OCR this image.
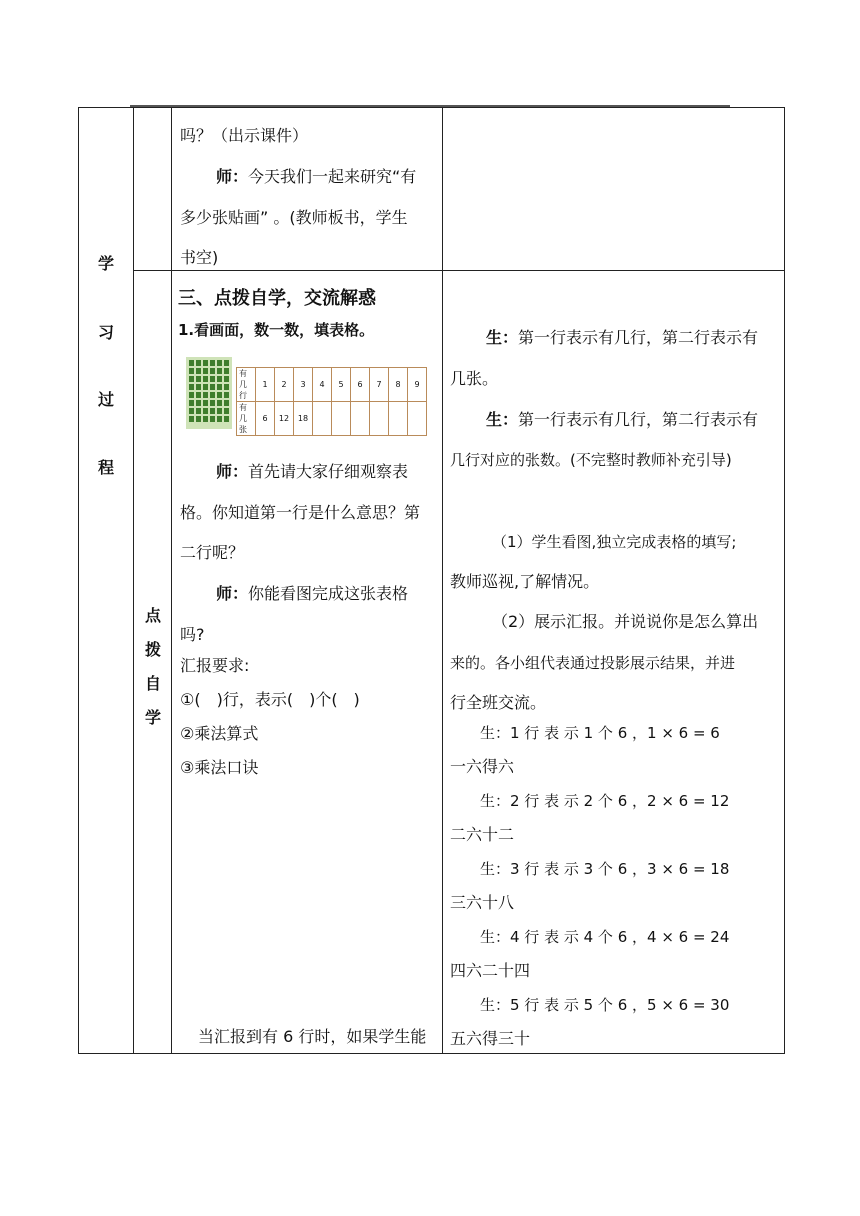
学
习
过
程
点
拨
自
学
吗？（出示课件）
师：今天我们一起来研究“有
多少张贴画” 。(教师板书，学生
书空)
三、点拨自学，交流解惑
1.看画面，数一数，填表格。
有几行	1	2	3	4	5	6	7	8	9
有几张	6	12	18						
师：首先请大家仔细观察表
格。你知道第一行是什么意思？第
二行呢？
师：你能看图完成这张表格
吗?
汇报要求:
①(　)行，表示(　)个(　)
②乘法算式
③乘法口诀
当汇报到有 6 行时，如果学生能
生：第一行表示有几行，第二行表示有
几张。
生：第一行表示有几行，第二行表示有
几行对应的张数。(不完整时教师补充引导)
（1）学生看图,独立完成表格的填写;
教师巡视,了解情况。
（2）展示汇报。并说说你是怎么算出
来的。各小组代表通过投影展示结果，并进
行全班交流。
生：1 行 表 示 1 个 6 ，1 × 6 = 6
一六得六
生：2 行 表 示 2 个 6 ，2 × 6 = 12
二六十二
生：3 行 表 示 3 个 6 ，3 × 6 = 18
三六十八
生：4 行 表 示 4 个 6 ，4 × 6 = 24
四六二十四
生：5 行 表 示 5 个 6 ，5 × 6 = 30
五六得三十
